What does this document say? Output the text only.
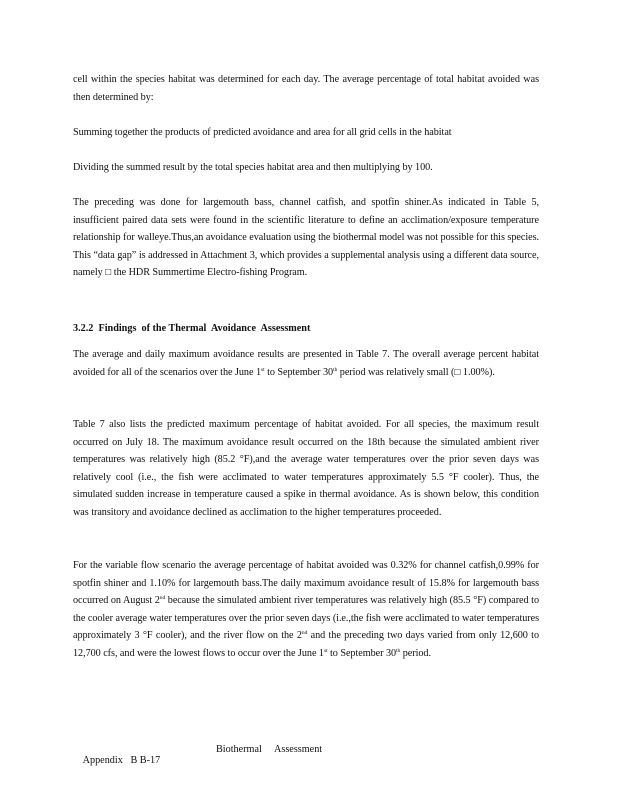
cell within the species habitat was determined for each day. The average percentage of total habitat avoided was then determined by:

Summing together the products of predicted avoidance and area for all grid cells in the habitat

Dividing the summed result by the total species habitat area and then multiplying by 100.

The preceding was done for largemouth bass, channel catfish, and spotfin shiner.As indicated in Table 5, insufficient paired data sets were found in the scientific literature to define an acclimation/exposure temperature relationship for walleye.Thus,an avoidance evaluation using the biothermal model was not possible for this species. This “data gap” is addressed in Attachment 3, which provides a supplemental analysis using a different data source, namely □ the HDR Summertime Electro-fishing Program.

3.2.2  Findings  of the Thermal  Avoidance  Assessment

The average and daily maximum avoidance results are presented in Table 7. The overall average percent habitat avoided for all of the scenarios over the June 1st to September 30th period was relatively small (□ 1.00%).

Table 7 also lists the predicted maximum percentage of habitat avoided. For all species, the maximum result occurred on July 18. The maximum avoidance result occurred on the 18th because the simulated ambient river temperatures was relatively high (85.2 °F),and the average water temperatures over the prior seven days was relatively cool (i.e., the fish were acclimated to water temperatures approximately 5.5 °F cooler). Thus, the simulated sudden increase in temperature caused a spike in thermal avoidance. As is shown below, this condition was transitory and avoidance declined as acclimation to the higher temperatures proceeded.

For the variable flow scenario the average percentage of habitat avoided was 0.32% for channel catfish,0.99% for spotfin shiner and 1.10% for largemouth bass.The daily maximum avoidance result of 15.8% for largemouth bass occurred on August 2nd because the simulated ambient river temperatures was relatively high (85.5 °F) compared to the cooler average water temperatures over the prior seven days (i.e.,the fish were acclimated to water temperatures approximately 3 °F cooler), and the river flow on the 2nd and the preceding two days varied from only 12,600 to 12,700 cfs, and were the lowest flows to occur over the June 1st to September 30th period.

Appendix   B B-17

Biothermal     Assessment
